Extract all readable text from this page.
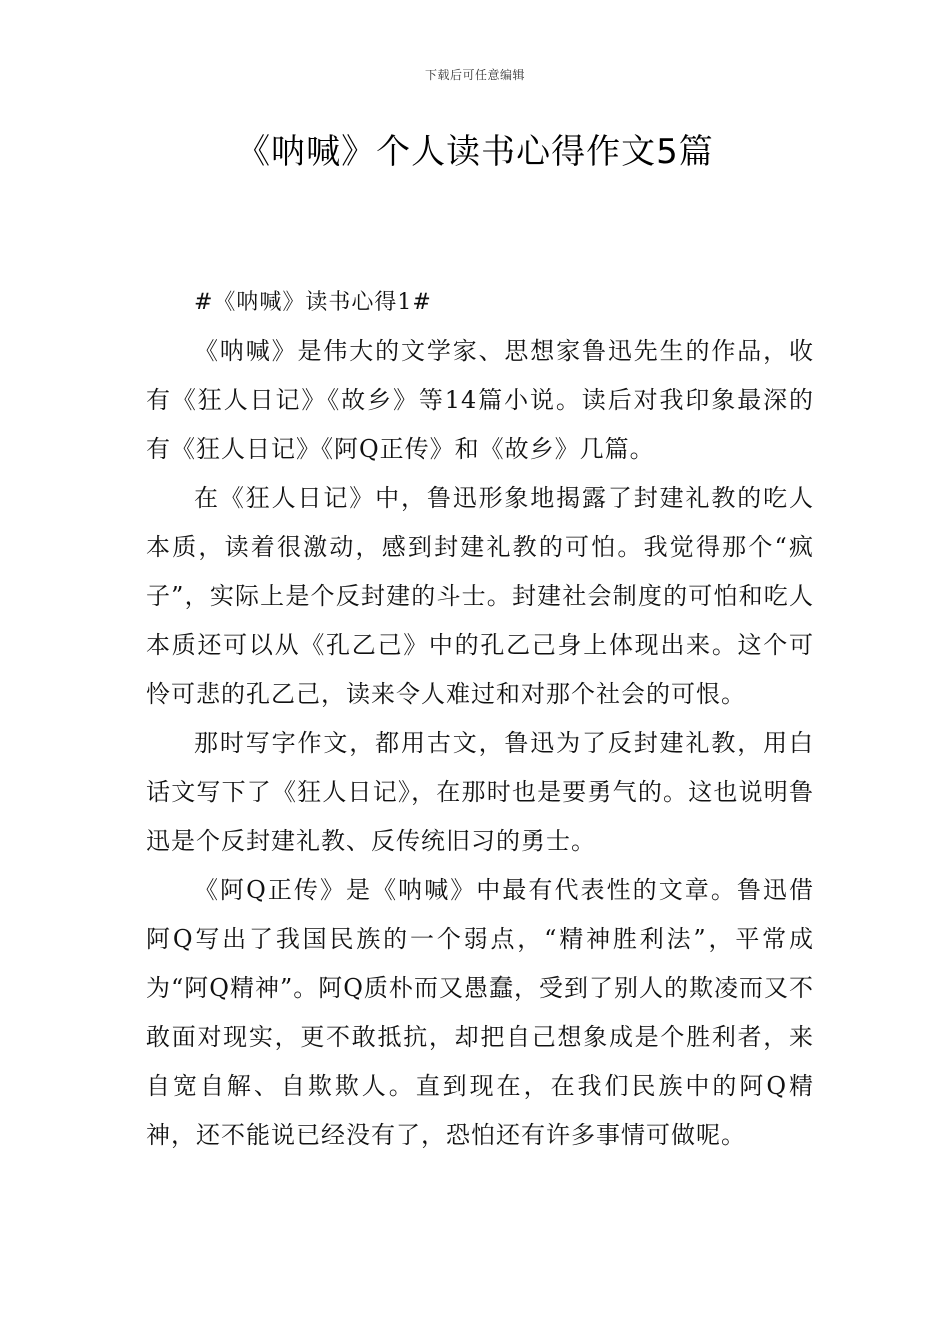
下载后可任意编辑
《呐喊》个人读书心得作文5篇

#《呐喊》读书心得1#

《呐喊》是伟大的文学家、思想家鲁迅先生的作品，收有《狂人日记》《故乡》等14篇小说。读后对我印象最深的有《狂人日记》《阿Q正传》和《故乡》几篇。

在《狂人日记》中，鲁迅形象地揭露了封建礼教的吃人本质，读着很激动，感到封建礼教的可怕。我觉得那个“疯子”，实际上是个反封建的斗士。封建社会制度的可怕和吃人本质还可以从《孔乙己》中的孔乙己身上体现出来。这个可怜可悲的孔乙己，读来令人难过和对那个社会的可恨。

那时写字作文，都用古文，鲁迅为了反封建礼教，用白话文写下了《狂人日记》，在那时也是要勇气的。这也说明鲁迅是个反封建礼教、反传统旧习的勇士。

《阿Q正传》是《呐喊》中最有代表性的文章。鲁迅借阿Q写出了我国民族的一个弱点，“精神胜利法”，平常成为“阿Q精神”。阿Q质朴而又愚蠢，受到了别人的欺凌而又不敢面对现实，更不敢抵抗，却把自己想象成是个胜利者，来自宽自解、自欺欺人。直到现在，在我们民族中的阿Q精神，还不能说已经没有了，恐怕还有许多事情可做呢。
